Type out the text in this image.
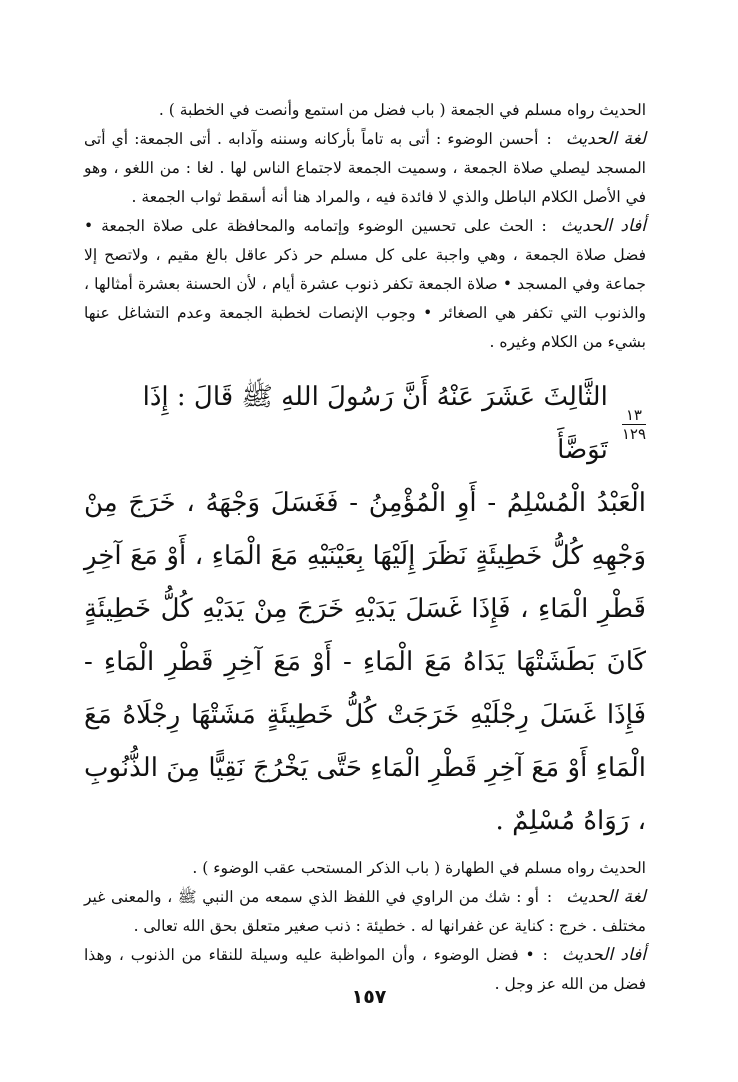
الحديث رواه مسلم في الجمعة ( باب فضل من استمع وأنصت في الخطبة ) .

لغة الحديث:أحسن الوضوء : أتى به تاماً بأركانه وسننه وآدابه . أتى الجمعة: أي أتى المسجد ليصلي صلاة الجمعة ، وسميت الجمعة لاجتماع الناس لها . لغا : من اللغو ، وهو في الأصل الكلام الباطل والذي لا فائدة فيه ، والمراد هنا أنه أسقط ثواب الجمعة .

أفاد الحديث:الحث على تحسين الوضوء وإتمامه والمحافظة على صلاة الجمعة • فضل صلاة الجمعة ، وهي واجبة على كل مسلم حر ذكر عاقل بالغ مقيم ، ولاتصح إلا جماعة وفي المسجد • صلاة الجمعة تكفر ذنوب عشرة أيام ، لأن الحسنة بعشرة أمثالها ، والذنوب التي تكفر هي الصغائر • وجوب الإنصات لخطبة الجمعة وعدم التشاغل عنها بشيء من الكلام وغيره .

$\frac{١٣}{١٢٩}$
الثَّالِثَ عَشَرَ عَنْهُ أَنَّ رَسُولَ اللهِ ﷺ قَالَ : إِذَا تَوَضَّأَ

الْعَبْدُ الْمُسْلِمُ - أَوِ الْمُؤْمِنُ - فَغَسَلَ وَجْهَهُ ، خَرَجَ مِنْ وَجْهِهِ كُلُّ خَطِيئَةٍ نَظَرَ إِلَيْهَا بِعَيْنَيْهِ مَعَ الْمَاءِ ، أَوْ مَعَ آخِرِ قَطْرِ الْمَاءِ ، فَإِذَا غَسَلَ يَدَيْهِ خَرَجَ مِنْ يَدَيْهِ كُلُّ خَطِيئَةٍ كَانَ بَطَشَتْهَا يَدَاهُ مَعَ الْمَاءِ - أَوْ مَعَ آخِرِ قَطْرِ الْمَاءِ - فَإِذَا غَسَلَ رِجْلَيْهِ خَرَجَتْ كُلُّ خَطِيئَةٍ مَشَتْهَا رِجْلَاهُ مَعَ الْمَاءِ أَوْ مَعَ آخِرِ قَطْرِ الْمَاءِ حَتَّى يَخْرُجَ نَقِيًّا مِنَ الذُّنُوبِ ، رَوَاهُ مُسْلِمٌ .

الحديث رواه مسلم في الطهارة ( باب الذكر المستحب عقب الوضوء ) .

لغة الحديث:أو : شك من الراوي في اللفظ الذي سمعه من النبي ﷺ ، والمعنى غير مختلف . خرج : كناية عن غفرانها له . خطيئة : ذنب صغير متعلق بحق الله تعالى .

أفاد الحديث:• فضل الوضوء ، وأن المواظبة عليه وسيلة للنقاء من الذنوب ، وهذا فضل من الله عز وجل .

١٥٧
